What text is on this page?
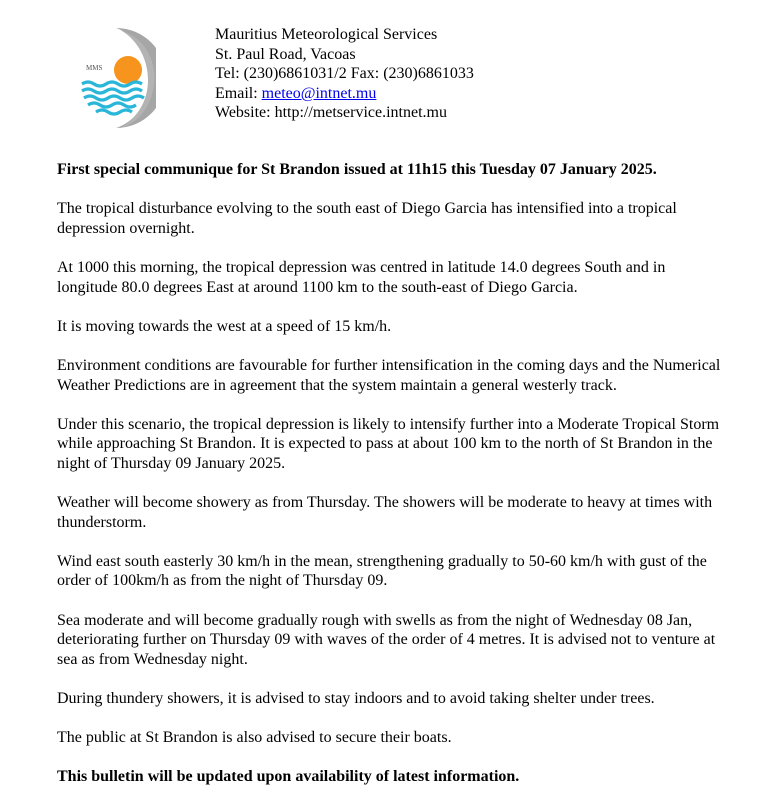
MMS
Mauritius Meteorological Services
St. Paul Road, Vacoas
Tel: (230)6861031/2 Fax: (230)6861033
Email: meteo@intnet.mu
Website: http://metservice.intnet.mu

First special communique for St Brandon issued at 11h15 this Tuesday 07 January 2025.

The tropical disturbance evolving to the south east of Diego Garcia has intensified into a tropical depression overnight.

At 1000 this morning, the tropical depression was centred in latitude 14.0 degrees South and in longitude 80.0 degrees East at around 1100 km to the south-east of Diego Garcia.

It is moving towards the west at a speed of 15 km/h.

Environment conditions are favourable for further intensification in the coming days and the Numerical Weather Predictions are in agreement that the system maintain a general westerly track.

Under this scenario, the tropical depression is likely to intensify further into a Moderate Tropical Storm while approaching St Brandon. It is expected to pass at about 100 km to the north of St Brandon in the night of Thursday 09 January 2025.

Weather will become showery as from Thursday. The showers will be moderate to heavy at times with thunderstorm.

Wind east south easterly 30 km/h in the mean, strengthening gradually to 50-60 km/h with gust of the order of 100km/h as from the night of Thursday 09.

Sea moderate and will become gradually rough with swells as from the night of Wednesday 08 Jan, deteriorating further on Thursday 09 with waves of the order of 4 metres. It is advised not to venture at sea as from Wednesday night.

During thundery showers, it is advised to stay indoors and to avoid taking shelter under trees.

The public at St Brandon is also advised to secure their boats.

This bulletin will be updated upon availability of latest information.
